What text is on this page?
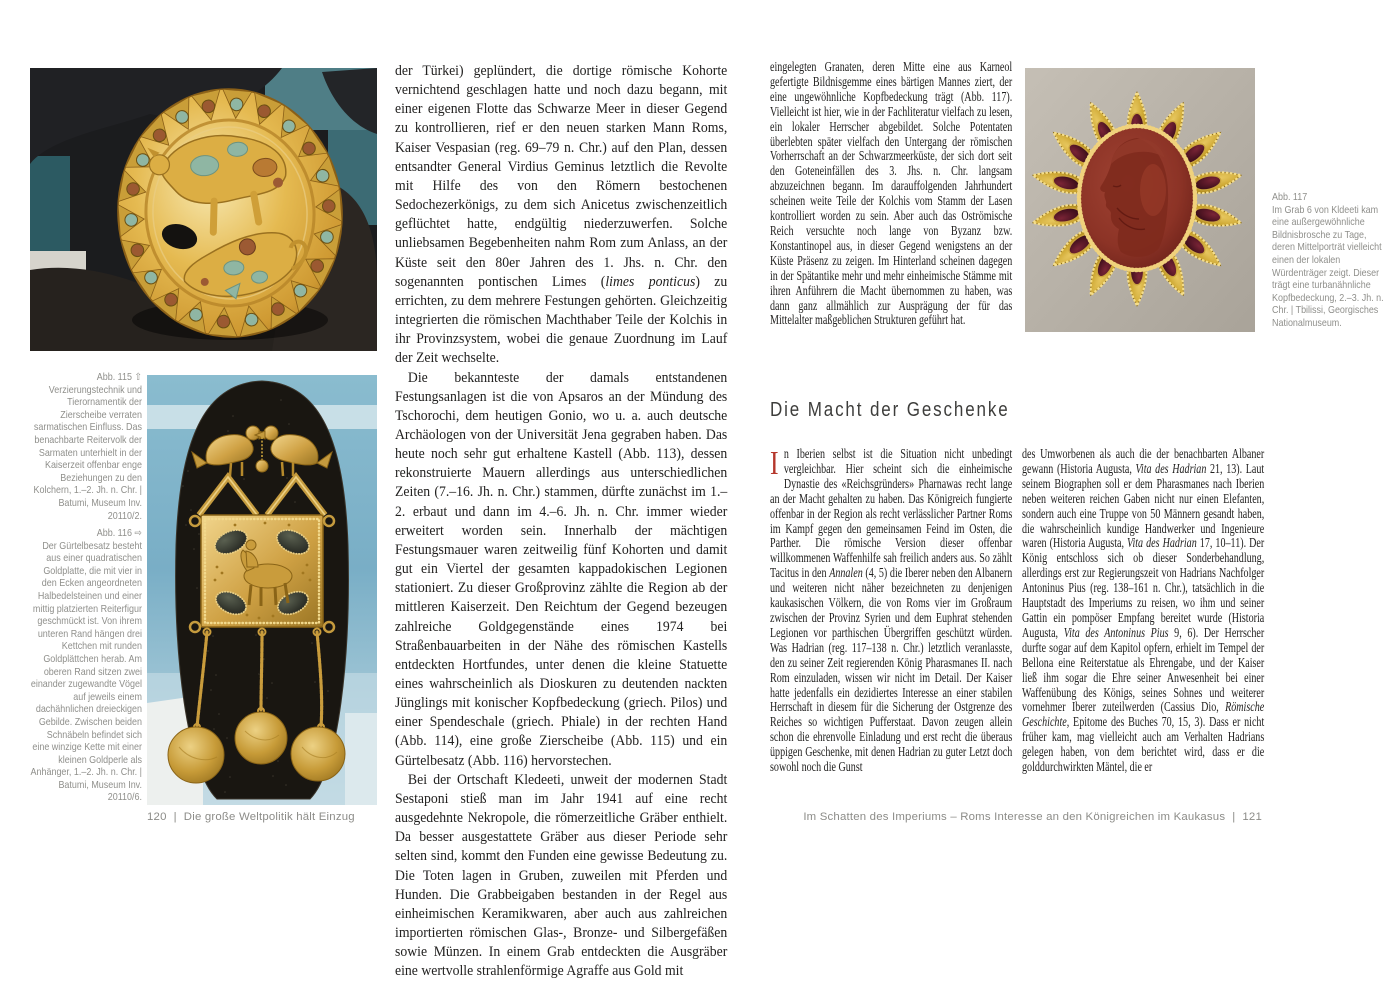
Abb. 115 ⇧
Verzierungstechnik und Tierornamentik der Zierscheibe verraten sarmatischen Einfluss. Das benachbarte Reitervolk der Sarmaten unterhielt in der Kaiserzeit offenbar enge Beziehungen zu den Kolchern, 1.–2. Jh. n. Chr. | Batumi, Museum Inv. 20110/2.
Abb. 116 ⇨
Der Gürtelbesatz besteht aus einer quadratischen Goldplatte, die mit vier in den Ecken angeordneten Halbedelsteinen und einer mittig platzierten Reiterfigur geschmückt ist. Von ihrem unteren Rand hängen drei Kettchen mit runden Goldplättchen herab. Am oberen Rand sitzen zwei einander zugewandte Vögel auf jeweils einem dachähnlichen dreieckigen Gebilde. Zwischen beiden Schnäbeln befindet sich eine winzige Kette mit einer kleinen Goldperle als Anhänger, 1.–2. Jh. n. Chr. | Batumi, Museum Inv. 20110/6.

der Türkei) geplündert, die dortige römische Kohorte vernichtend geschlagen hatte und noch dazu begann, mit einer eigenen Flotte das Schwarze Meer in dieser Gegend zu kontrollieren, rief er den neuen starken Mann Roms, Kaiser Vespasian (reg. 69–79 n. Chr.) auf den Plan, dessen entsandter General Virdius Geminus letztlich die Revolte mit Hilfe des von den Römern bestochenen Sedochezerkönigs, zu dem sich Anicetus zwischenzeitlich geflüchtet hatte, endgültig niederzuwerfen. Solche unliebsamen Begebenheiten nahm Rom zum Anlass, an der Küste seit den 80er Jahren des 1. Jhs. n. Chr. den sogenannten pontischen Limes (limes ponticus) zu errichten, zu dem mehrere Festungen gehörten. Gleichzeitig integrierten die römischen Machthaber Teile der Kolchis in ihr Provinzsystem, wobei die genaue Zuordnung im Lauf der Zeit wechselte.

Die bekannteste der damals entstandenen Festungsanlagen ist die von Apsaros an der Mündung des Tschorochi, dem heutigen Gonio, wo u. a. auch deutsche Archäologen von der Universität Jena gegraben haben. Das heute noch sehr gut erhaltene Kastell (Abb. 113), dessen rekonstruierte Mauern allerdings aus unterschiedlichen Zeiten (7.–16. Jh. n. Chr.) stammen, dürfte zunächst im 1.–2. erbaut und dann im 4.–6. Jh. n. Chr. immer wieder erweitert worden sein. Innerhalb der mächtigen Festungsmauer waren zeitweilig fünf Kohorten und damit gut ein Viertel der gesamten kappadokischen Legionen stationiert. Zu dieser Großprovinz zählte die Region ab der mittleren Kaiserzeit. Den Reichtum der Gegend bezeugen zahlreiche Goldgegenstände eines 1974 bei Straßenbauarbeiten in der Nähe des römischen Kastells entdeckten Hortfundes, unter denen die kleine Statuette eines wahrscheinlich als Dioskuren zu deutenden nackten Jünglings mit konischer Kopfbedeckung (griech. Pilos) und einer Spendeschale (griech. Phiale) in der rechten Hand (Abb. 114), eine große Zierscheibe (Abb. 115) und ein Gürtelbesatz (Abb. 116) hervorstechen.

Bei der Ortschaft Kledeeti, unweit der modernen Stadt Sestaponi stieß man im Jahr 1941 auf eine recht ausgedehnte Nekropole, die römerzeitliche Gräber enthielt. Da besser ausgestattete Gräber aus dieser Periode sehr selten sind, kommt den Funden eine gewisse Bedeutung zu. Die Toten lagen in Gruben, zuweilen mit Pferden und Hunden. Die Grabbeigaben bestanden in der Regel aus einheimischen Keramikwaren, aber auch aus zahlreichen importierten römischen Glas-, Bronze- und Silbergefäßen sowie Münzen. In einem Grab entdeckten die Ausgräber eine wertvolle strahlenförmige Agraffe aus Gold mit

120 | Die große Weltpolitik hält Einzug

eingelegten Granaten, deren Mitte eine aus Karneol gefertigte Bildnisgemme eines bärtigen Mannes ziert, der eine ungewöhnliche Kopfbedeckung trägt (Abb. 117). Vielleicht ist hier, wie in der Fachliteratur vielfach zu lesen, ein lokaler Herrscher abgebildet. Solche Potentaten überlebten später vielfach den Untergang der römischen Vorherrschaft an der Schwarzmeerküste, der sich dort seit den Goteneinfällen des 3. Jhs. n. Chr. langsam abzuzeichnen begann. Im darauffolgenden Jahrhundert scheinen weite Teile der Kolchis vom Stamm der Lasen kontrolliert worden zu sein. Aber auch das Oströmische Reich versuchte noch lange von Byzanz bzw. Konstantinopel aus, in dieser Gegend wenigstens an der Küste Präsenz zu zeigen. Im Hinterland scheinen dagegen in der Spätantike mehr und mehr einheimische Stämme mit ihren Anführern die Macht übernommen zu haben, was dann ganz allmählich zur Ausprägung der für das Mittelalter maßgeblichen Strukturen geführt hat.

Abb. 117
Im Grab 6 von Kldeeti kam eine außergewöhnliche Bildnisbrosche zu Tage, deren Mittelporträt vielleicht einen der lokalen Würdenträger zeigt. Dieser trägt eine turbanähnliche Kopfbedeckung, 2.–3. Jh. n. Chr. | Tbilissi, Georgisches Nationalmuseum.
Die Macht der Geschenke

In Iberien selbst ist die Situation nicht unbedingt vergleichbar. Hier scheint sich die einheimische Dynastie des «Reichsgründers» Pharnawas recht lange an der Macht gehalten zu haben. Das Königreich fungierte offenbar in der Region als recht verlässlicher Partner Roms im Kampf gegen den gemeinsamen Feind im Osten, die Parther. Die römische Version dieser offenbar willkommenen Waffenhilfe sah freilich anders aus. So zählt Tacitus in den Annalen (4, 5) die Iberer neben den Albanern und weiteren nicht näher bezeichneten zu denjenigen kaukasischen Völkern, die von Roms vier im Großraum zwischen der Provinz Syrien und dem Euphrat stehenden Legionen vor parthischen Übergriffen geschützt würden. Was Hadrian (reg. 117–138 n. Chr.) letztlich veranlasste, den zu seiner Zeit regierenden König Pharasmanes II. nach Rom einzuladen, wissen wir nicht im Detail. Der Kaiser hatte jedenfalls ein dezidiertes Interesse an einer stabilen Herrschaft in diesem für die Sicherung der Ostgrenze des Reiches so wichtigen Pufferstaat. Davon zeugen allein schon die ehrenvolle Einladung und erst recht die überaus üppigen Geschenke, mit denen Hadrian zu guter Letzt doch sowohl noch die Gunst

des Umworbenen als auch die der benachbarten Albaner gewann (Historia Augusta, Vita des Hadrian 21, 13). Laut seinem Biographen soll er dem Pharasmanes nach Iberien neben weiteren reichen Gaben nicht nur einen Elefanten, sondern auch eine Truppe von 50 Männern gesandt haben, die wahrscheinlich kundige Handwerker und Ingenieure waren (Historia Augusta, Vita des Hadrian 17, 10–11). Der König entschloss sich ob dieser Sonderbehandlung, allerdings erst zur Regierungszeit von Hadrians Nachfolger Antoninus Pius (reg. 138–161 n. Chr.), tatsächlich in die Hauptstadt des Imperiums zu reisen, wo ihm und seiner Gattin ein pompöser Empfang bereitet wurde (Historia Augusta, Vita des Antoninus Pius 9, 6). Der Herrscher durfte sogar auf dem Kapitol opfern, erhielt im Tempel der Bellona eine Reiterstatue als Ehrengabe, und der Kaiser ließ ihm sogar die Ehre seiner Anwesenheit bei einer Waffenübung des Königs, seines Sohnes und weiterer vornehmer Iberer zuteilwerden (Cassius Dio, Römische Geschichte, Epitome des Buches 70, 15, 3). Dass er nicht früher kam, mag vielleicht auch am Verhalten Hadrians gelegen haben, von dem berichtet wird, dass er die golddurchwirkten Mäntel, die er

Im Schatten des Imperiums – Roms Interesse an den Königreichen im Kaukasus | 121
